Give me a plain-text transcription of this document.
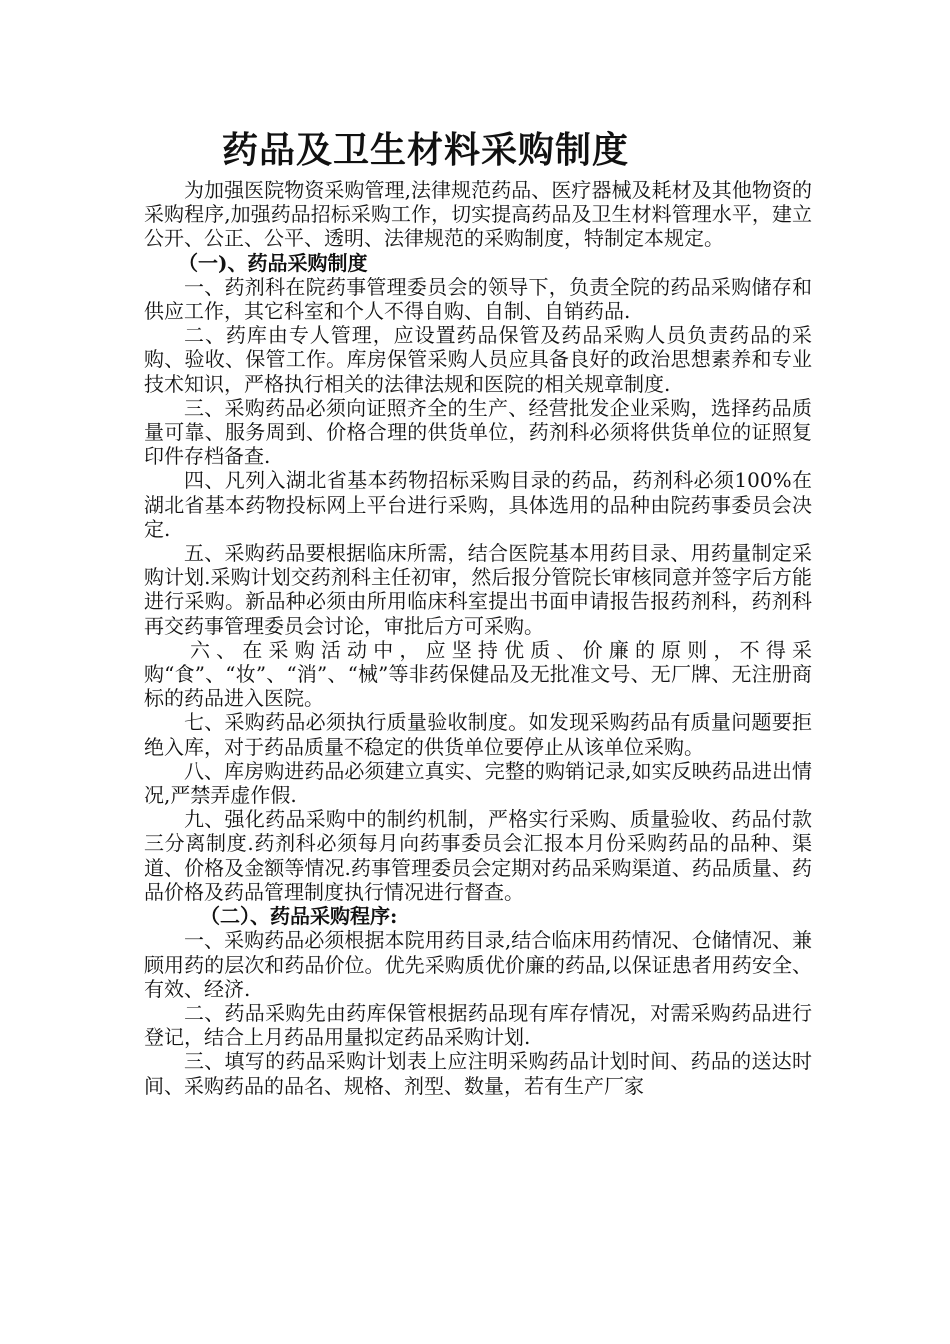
药品及卫生材料采购制度

为加强医院物资采购管理,法律规范药品、医疗器械及耗材及其他物资的采购程序,加强药品招标采购工作，切实提高药品及卫生材料管理水平，建立公开、公正、公平、透明、法律规范的采购制度，特制定本规定。

（一)、药品采购制度

一、药剂科在院药事管理委员会的领导下，负责全院的药品采购储存和供应工作，其它科室和个人不得自购、自制、自销药品.

二、药库由专人管理，应设置药品保管及药品采购人员负责药品的采购、验收、保管工作。库房保管采购人员应具备良好的政治思想素养和专业技术知识，严格执行相关的法律法规和医院的相关规章制度.

三、采购药品必须向证照齐全的生产、经营批发企业采购，选择药品质量可靠、服务周到、价格合理的供货单位，药剂科必须将供货单位的证照复印件存档备查.

四、凡列入湖北省基本药物招标采购目录的药品，药剂科必须100%在湖北省基本药物投标网上平台进行采购，具体选用的品种由院药事委员会决定.

五、采购药品要根据临床所需，结合医院基本用药目录、用药量制定采购计划.采购计划交药剂科主任初审，然后报分管院长审核同意并签字后方能进行采购。新品种必须由所用临床科室提出书面申请报告报药剂科，药剂科再交药事管理委员会讨论，审批后方可采购。

六、在采购活动中，应坚持优质、价廉的原则，不得采购“食”、“妆”、“消”、“械”等非药保健品及无批准文号、无厂牌、无注册商标的药品进入医院。

七、采购药品必须执行质量验收制度。如发现采购药品有质量问题要拒绝入库，对于药品质量不稳定的供货单位要停止从该单位采购。

八、库房购进药品必须建立真实、完整的购销记录,如实反映药品进出情况,严禁弄虚作假.

九、强化药品采购中的制约机制，严格实行采购、质量验收、药品付款三分离制度.药剂科必须每月向药事委员会汇报本月份采购药品的品种、渠道、价格及金额等情况.药事管理委员会定期对药品采购渠道、药品质量、药品价格及药品管理制度执行情况进行督查。

（二）、药品采购程序:

一、采购药品必须根据本院用药目录,结合临床用药情况、仓储情况、兼顾用药的层次和药品价位。优先采购质优价廉的药品,以保证患者用药安全、有效、经济.

二、药品采购先由药库保管根据药品现有库存情况，对需采购药品进行登记，结合上月药品用量拟定药品采购计划.

三、填写的药品采购计划表上应注明采购药品计划时间、药品的送达时间、采购药品的品名、规格、剂型、数量，若有生产厂家
